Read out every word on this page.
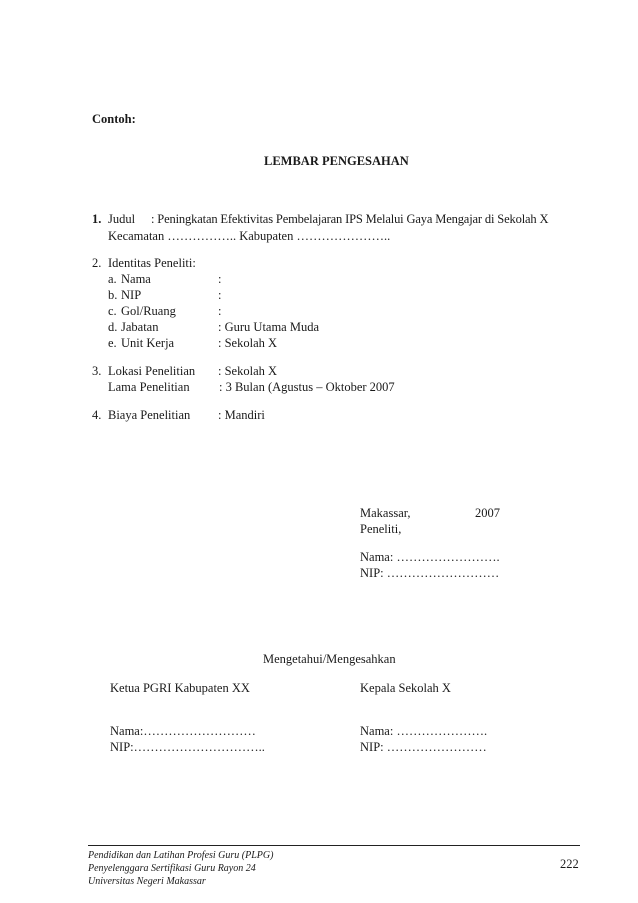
Contoh:
LEMBAR PENGESAHAN
1. Judul : Peningkatan Efektivitas Pembelajaran IPS Melalui Gaya Mengajar di Sekolah X
Kecamatan …………….. Kabupaten …………………..
2. Identitas Peneliti:
a. Nama	:
b. NIP	:
c. Gol/Ruang	:
d. Jabatan	: Guru Utama Muda
e. Unit Kerja	: Sekolah X
3. Lokasi Penelitian : Sekolah X
Lama Penelitian : 3 Bulan (Agustus – Oktober 2007
4. Biaya Penelitian : Mandiri
Makassar,	2007
Peneliti,
Nama: …………………….
NIP: ………………………
Mengetahui/Mengesahkan
Ketua PGRI Kabupaten XX	Kepala Sekolah X
Nama:………………………	Nama: ………………….
NIP:…………………………..	NIP: ……………………
Pendidikan dan Latihan Profesi Guru (PLPG)
Penyelenggara Sertifikasi Guru Rayon 24
Universitas Negeri Makassar
222
